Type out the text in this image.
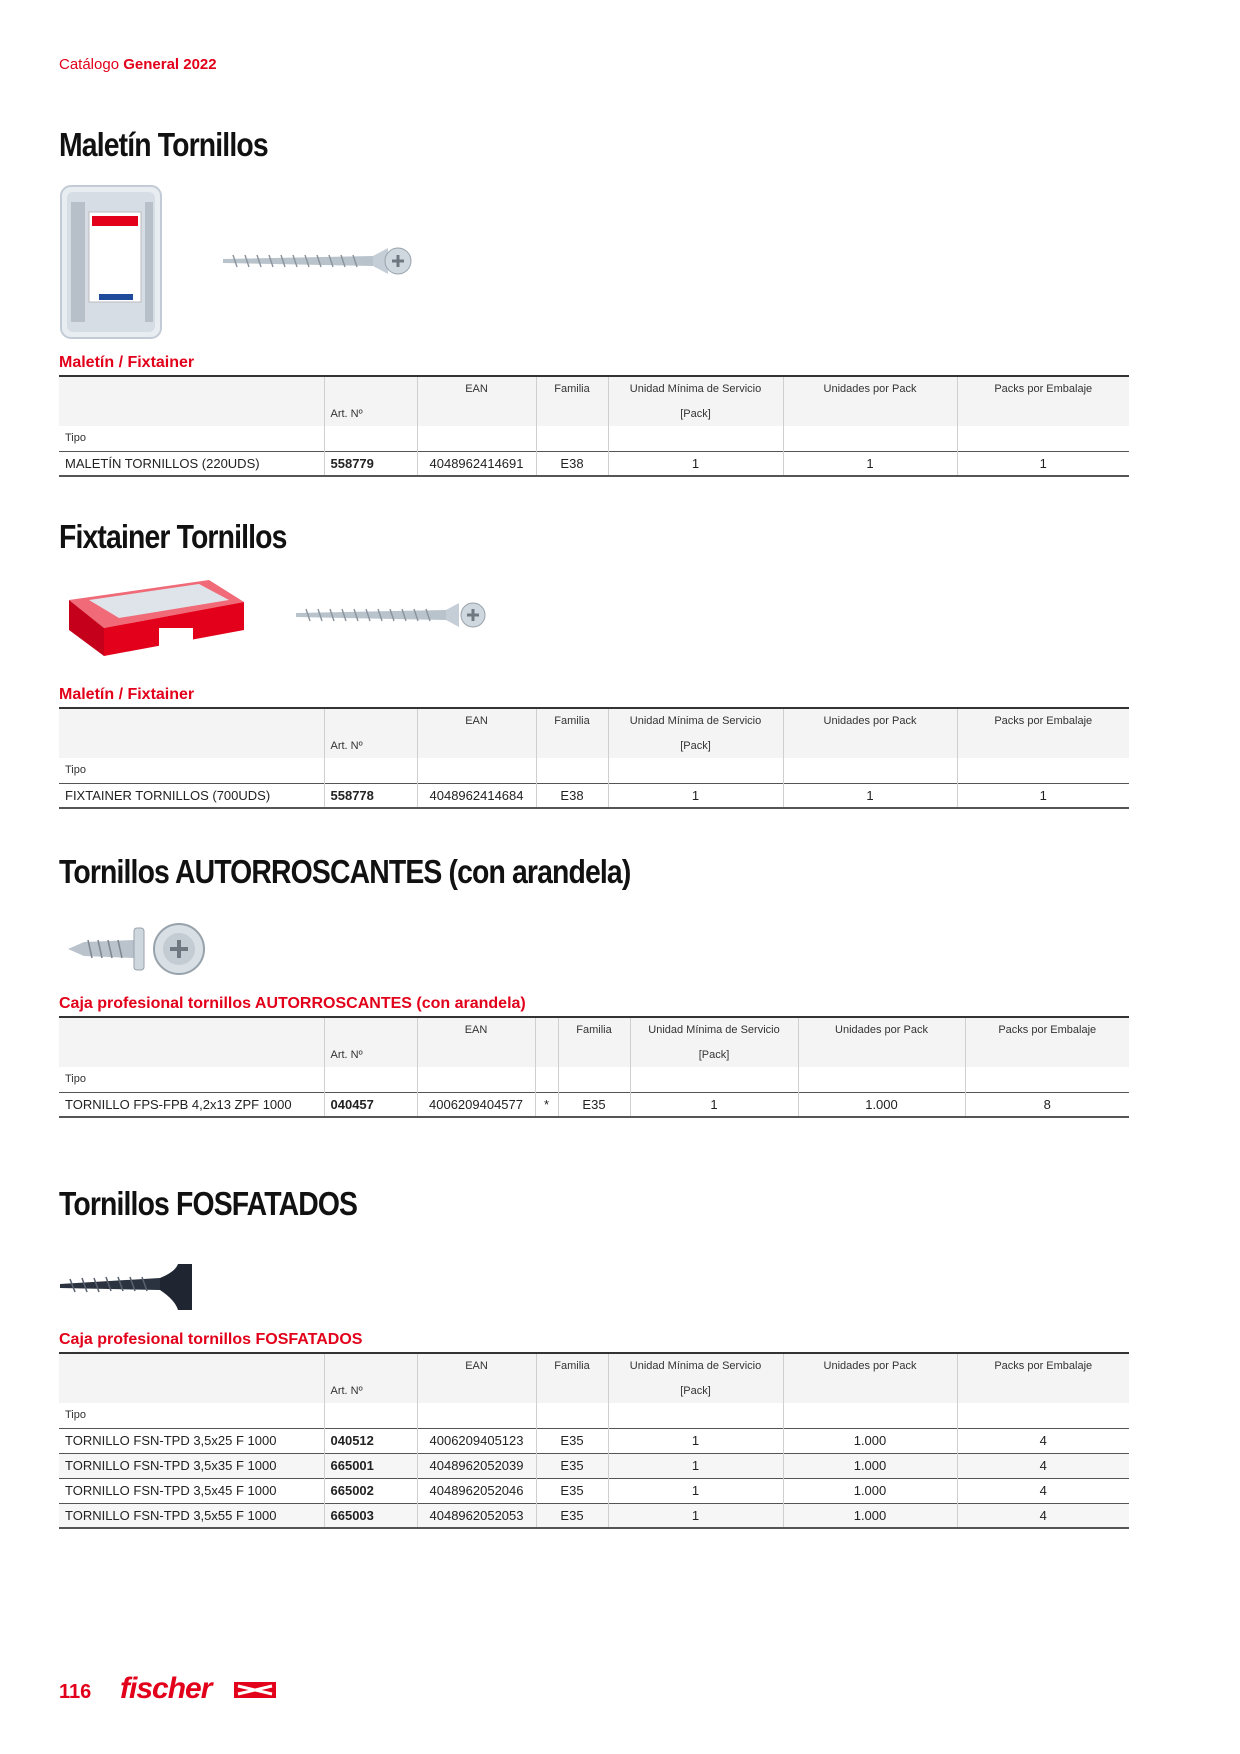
Catálogo General 2022
Maletín Tornillos
Maletín / Fixtainer
		EAN	Familia	Unidad Mínima de Servicio	Unidades por Pack	Packs por Embalaje
	Art. Nº			[Pack]		
Tipo						
MALETÍN TORNILLOS (220UDS)	558779	4048962414691	E38	1	1	1
Fixtainer Tornillos
Maletín / Fixtainer
		EAN	Familia	Unidad Mínima de Servicio	Unidades por Pack	Packs por Embalaje
	Art. Nº			[Pack]		
Tipo						
FIXTAINER TORNILLOS (700UDS)	558778	4048962414684	E38	1	1	1
Tornillos AUTORROSCANTES (con arandela)
Caja profesional tornillos AUTORROSCANTES (con arandela)
		EAN		Familia	Unidad Mínima de Servicio	Unidades por Pack	Packs por Embalaje
	Art. Nº				[Pack]		
Tipo							
TORNILLO FPS-FPB 4,2x13 ZPF 1000	040457	4006209404577	*	E35	1	1.000	8
Tornillos FOSFATADOS
Caja profesional tornillos FOSFATADOS
		EAN	Familia	Unidad Mínima de Servicio	Unidades por Pack	Packs por Embalaje
	Art. Nº			[Pack]		
Tipo						
TORNILLO FSN-TPD 3,5x25 F 1000	040512	4006209405123	E35	1	1.000	4
TORNILLO FSN-TPD 3,5x35 F 1000	665001	4048962052039	E35	1	1.000	4
TORNILLO FSN-TPD 3,5x45 F 1000	665002	4048962052046	E35	1	1.000	4
TORNILLO FSN-TPD 3,5x55 F 1000	665003	4048962052053	E35	1	1.000	4
116 fischer
